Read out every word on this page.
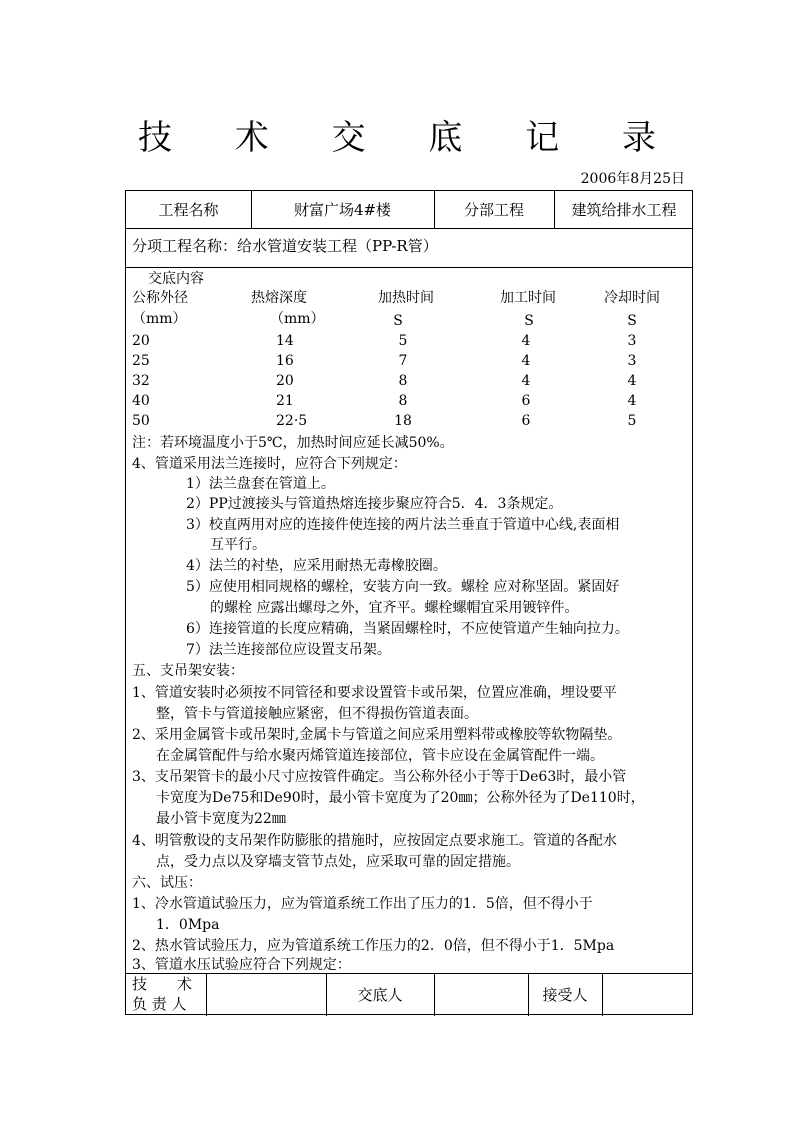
技 术 交 底 记 录
2006年8月25日
工程名称	财富广场4#楼	分部工程	建筑给排水工程
分项工程名称：给水管道安装工程（PP-R管）
交底内容
公称外径	热熔深度	加热时间	加工时间	冷却时间
（mm）	（mm）	S	S	S
20	14	5	4	3
25	16	7	4	3
32	20	8	4	4
40	21	8	6	4
50	22·5	18	6	5
注：若环境温度小于5℃，加热时间应延长减50%。
4、管道采用法兰连接时，应符合下列规定：
1）法兰盘套在管道上。
2）PP过渡接头与管道热熔连接步聚应符合5．4．3条规定。
3）校直两用对应的连接件使连接的两片法兰垂直于管道中心线,表面相
互平行。
4）法兰的衬垫，应采用耐热无毒橡胶圈。
5）应使用相同规格的螺栓，安装方向一致。螺栓 应对称坚固。紧固好
的螺栓 应露出螺母之外，宜齐平。螺栓螺帽宜采用镀锌件。
6）连接管道的长度应精确，当紧固螺栓时，不应使管道产生轴向拉力。
7）法兰连接部位应设置支吊架。
五、支吊架安装：
1、管道安装时必须按不同管径和要求设置管卡或吊架，位置应准确，埋设要平
整，管卡与管道接触应紧密，但不得损伤管道表面。
2、采用金属管卡或吊架时,金属卡与管道之间应采用塑料带或橡胶等软物隔垫。
在金属管配件与给水聚丙烯管道连接部位，管卡应设在金属管配件一端。
3、支吊架管卡的最小尺寸应按管件确定。当公称外径小于等于De63时，最小管
卡宽度为De75和De90时，最小管卡宽度为了20㎜；公称外径为了De110时，
最小管卡宽度为22㎜
4、明管敷设的支吊架作防膨胀的措施时，应按固定点要求施工。管道的各配水
点，受力点以及穿墙支管节点处，应采取可靠的固定措施。
六、试压：
1、冷水管道试验压力，应为管道系统工作出了压力的1．5倍，但不得小于
1．0Mpa
2、热水管试验压力，应为管道系统工作压力的2．0倍，但不得小于1．5Mpa
3、管道水压试验应符合下列规定：
技　　术
负 责 人
交底人	接受人
